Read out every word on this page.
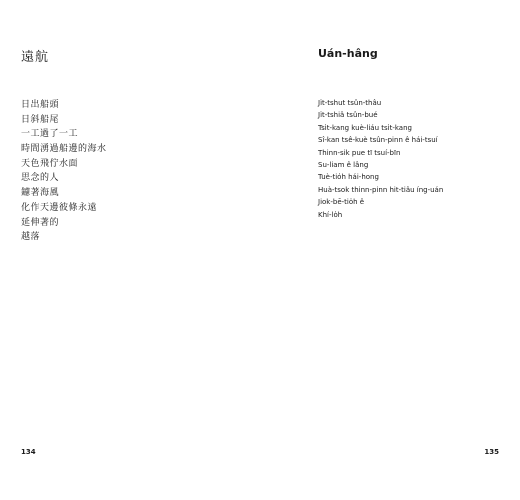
遠航
日出船頭
日斜船尾
一工過了一工
時間湧過船邊的海水
天色飛佇水面
思念的人
鑢著海風
化作天邊彼條永遠
延伸著的
越落
134
Uán-hâng
Ji̍t-tshut tsûn-thâu
Ji̍t-tshiâ tsûn-bué
Tsi̍t-kang kuè-liáu tsi̍t-kang
Sî-kan tsê-kuè tsûn-pinn ê hái-tsuí
Thinn-sik pue tī tsuí-bīn
Su-liam ê lâng
Tuè-tio̍h hái-hong
Huà-tsok thinn-pinn hit-tiâu íng-uán
Jiok-bē-tio̍h ê
Khí-lo̍h
135
